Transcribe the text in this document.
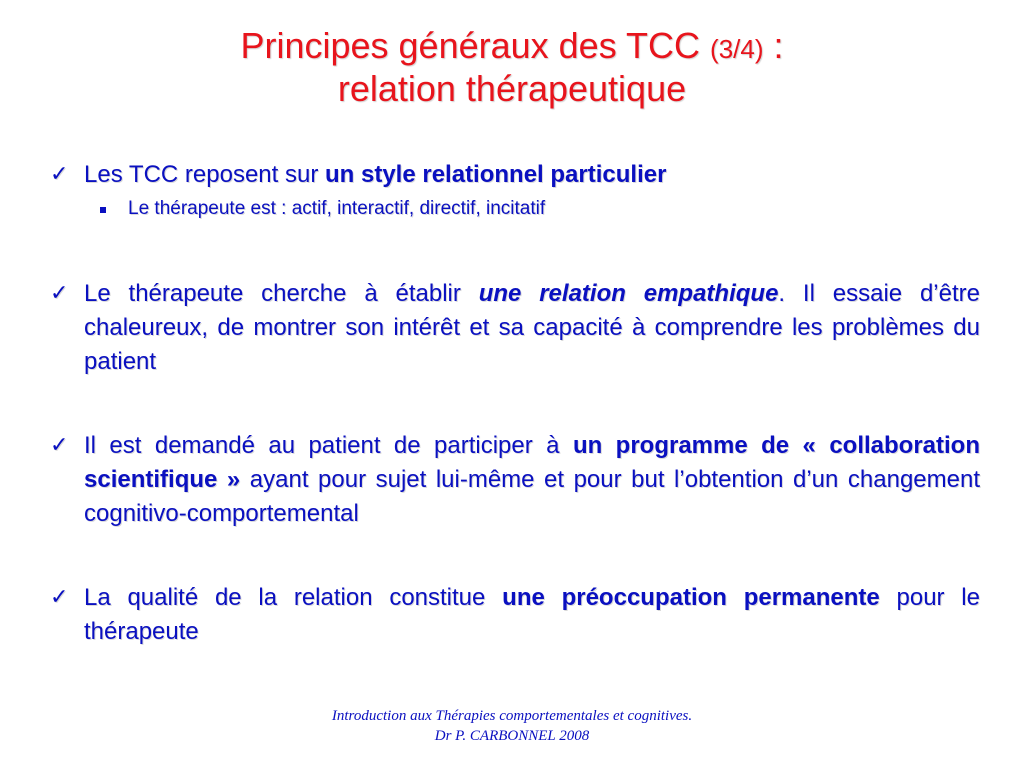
Principes généraux des TCC (3/4) :
relation thérapeutique
✓ Les TCC reposent sur un style relationnel particulier
Le thérapeute est : actif, interactif, directif, incitatif
✓ Le thérapeute cherche à établir une relation empathique. Il essaie d’être chaleureux, de montrer son intérêt et sa capacité à comprendre les problèmes du patient
✓ Il est demandé au patient de participer à un programme de « collaboration scientifique » ayant pour sujet lui-même et pour but l’obtention d’un changement cognitivo-comportemental
✓ La qualité de la relation constitue une préoccupation permanente pour le thérapeute
Introduction aux Thérapies comportementales et cognitives.
Dr P. CARBONNEL 2008
